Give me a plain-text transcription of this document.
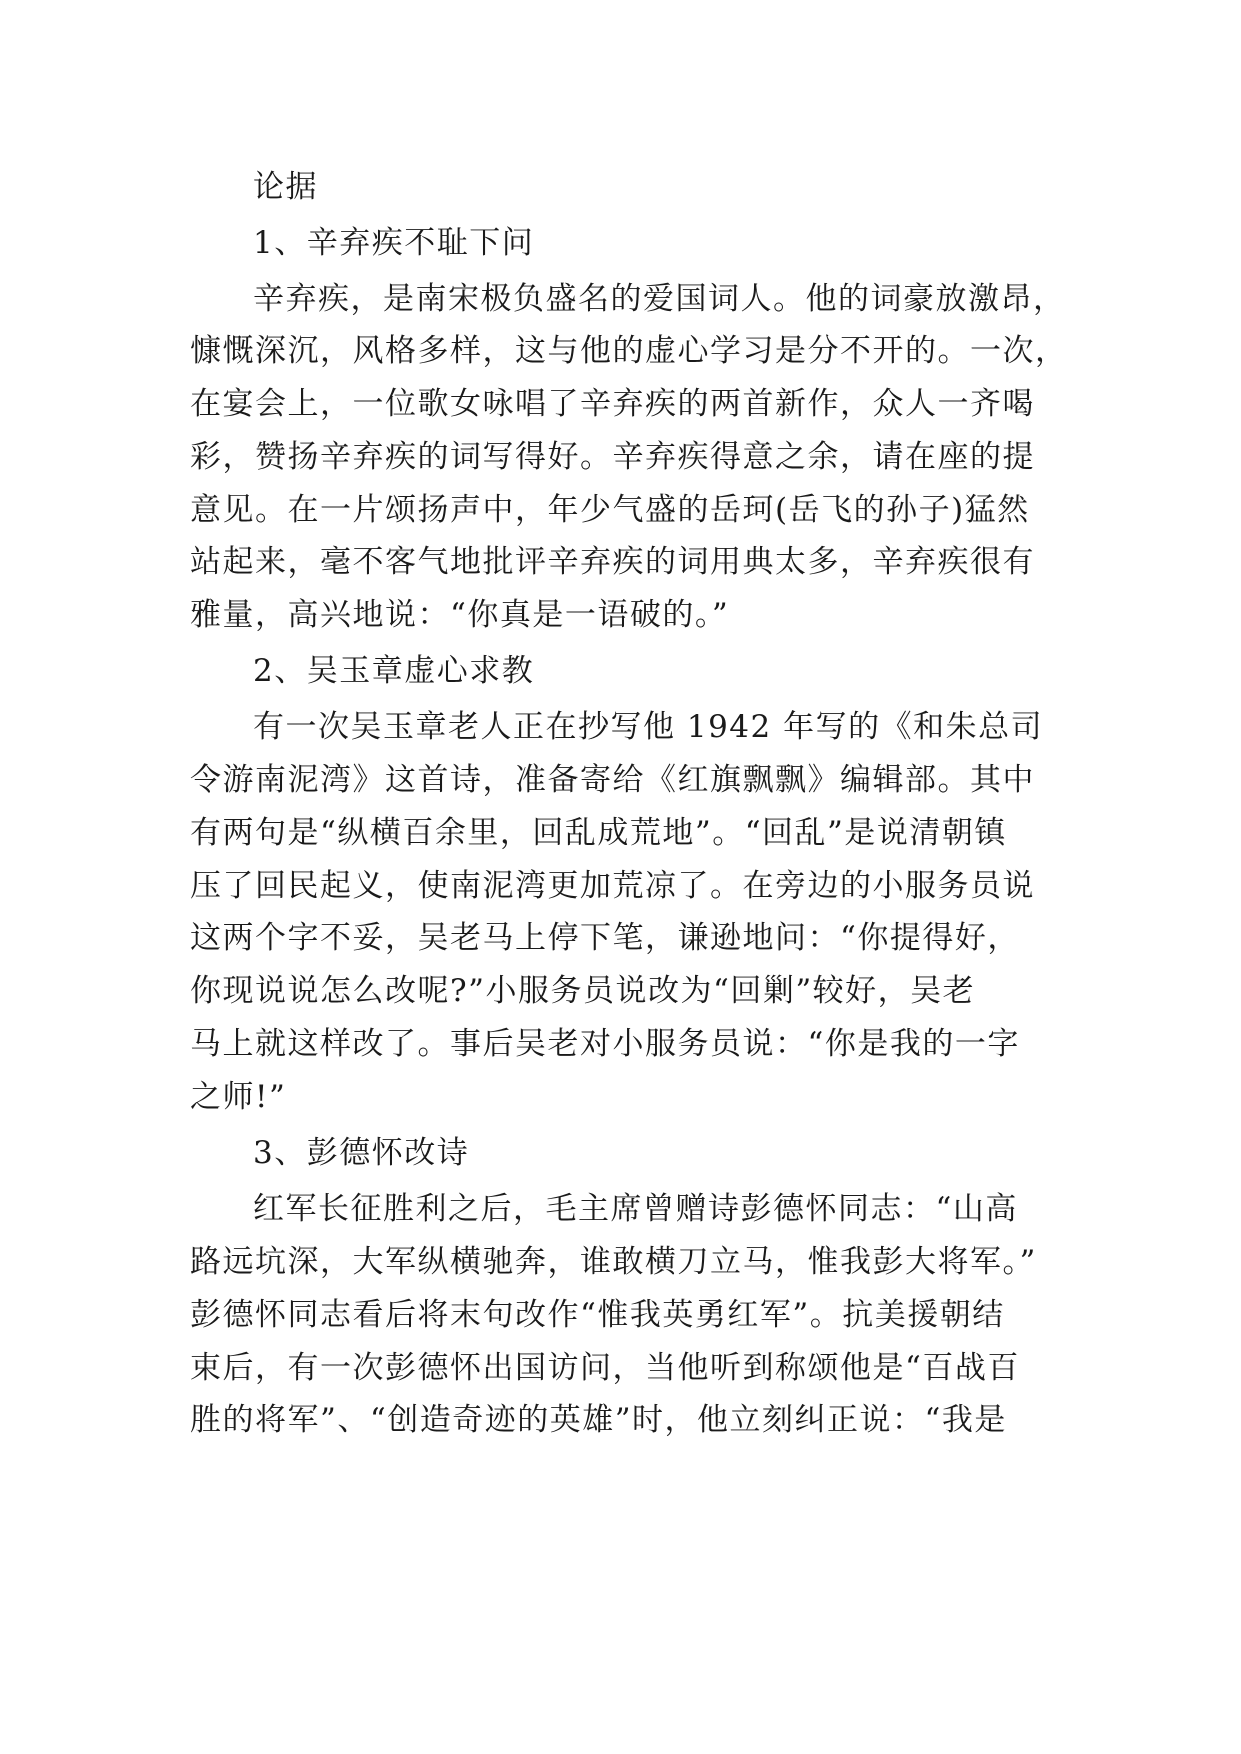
论据
1、辛弃疾不耻下问
辛弃疾，是南宋极负盛名的爱国词人。他的词豪放激昂，
慷慨深沉，风格多样，这与他的虚心学习是分不开的。一次，
在宴会上，一位歌女咏唱了辛弃疾的两首新作，众人一齐喝
彩，赞扬辛弃疾的词写得好。辛弃疾得意之余，请在座的提
意见。在一片颂扬声中，年少气盛的岳珂(岳飞的孙子)猛然
站起来，毫不客气地批评辛弃疾的词用典太多，辛弃疾很有
雅量，高兴地说：“你真是一语破的。”
2、吴玉章虚心求教
有一次吴玉章老人正在抄写他 1942 年写的《和朱总司
令游南泥湾》这首诗，准备寄给《红旗飘飘》编辑部。其中
有两句是“纵横百余里，回乱成荒地”。“回乱”是说清朝镇
压了回民起义，使南泥湾更加荒凉了。在旁边的小服务员说
这两个字不妥，吴老马上停下笔，谦逊地问：“你提得好，
你现说说怎么改呢?”小服务员说改为“回剿”较好，吴老
马上就这样改了。事后吴老对小服务员说：“你是我的一字
之师!”
3、彭德怀改诗
红军长征胜利之后，毛主席曾赠诗彭德怀同志：“山高
路远坑深，大军纵横驰奔，谁敢横刀立马，惟我彭大将军。”
彭德怀同志看后将末句改作“惟我英勇红军”。抗美援朝结
束后，有一次彭德怀出国访问，当他听到称颂他是“百战百
胜的将军”、“创造奇迹的英雄”时，他立刻纠正说：“我是
